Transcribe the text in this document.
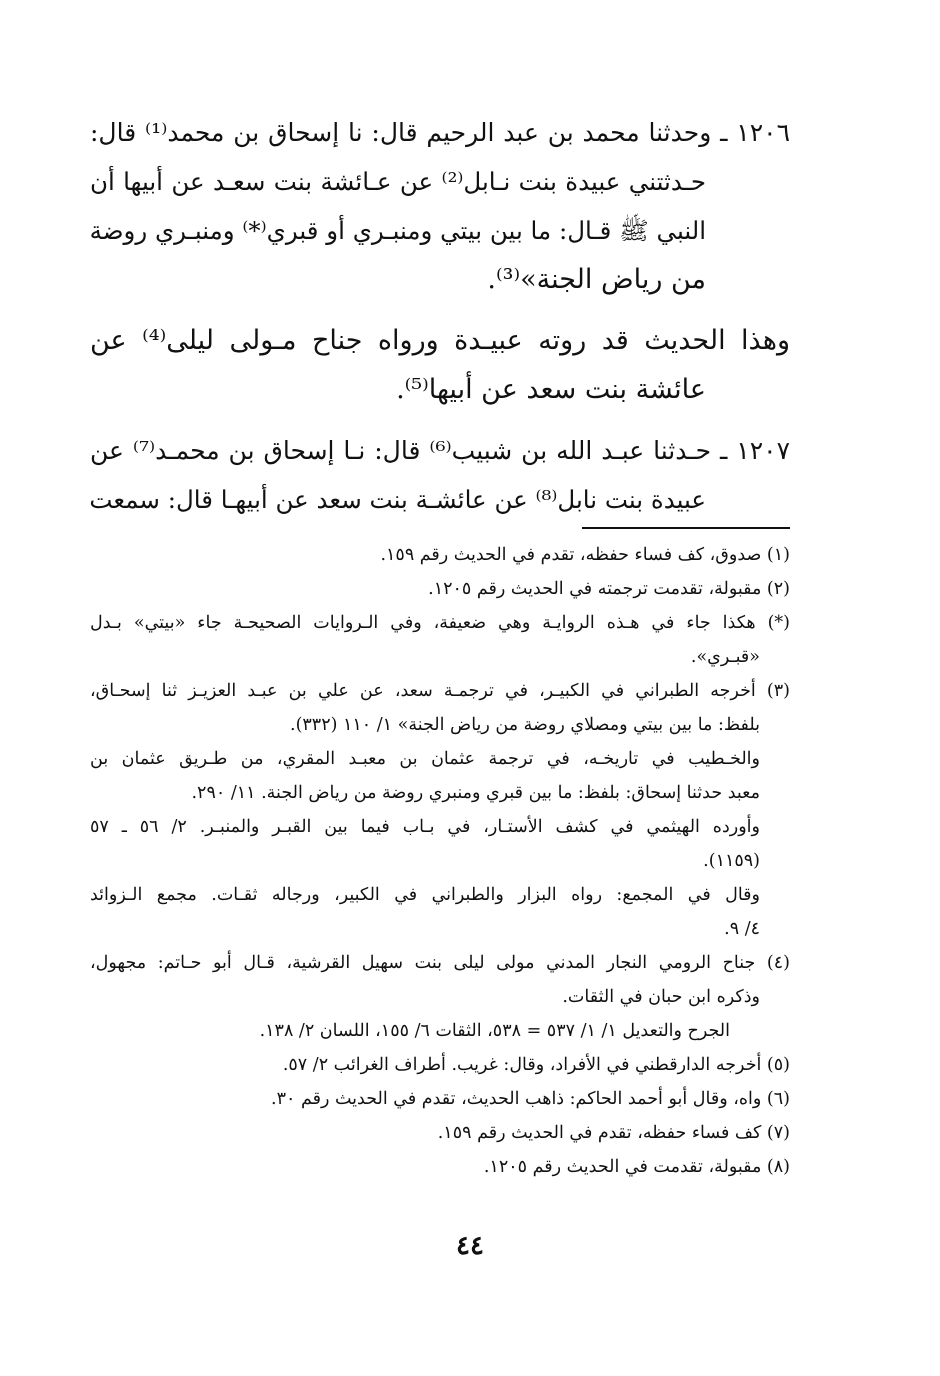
١٢٠٦ ـ وحدثنا محمد بن عبد الرحيم قال: نا إسحاق بن محمد⁽¹⁾ قال:
حـدثتني عبيدة بنت نـابل⁽²⁾ عن عـائشة بنت سعـد عن أبيها أن
النبي ﷺ قـال: ما بين بيتي ومنبـري أو قبري⁽*⁾ ومنبـري روضة
من رياض الجنة»⁽³⁾.
وهذا الحديث قد روته عبيـدة ورواه جناح مـولى ليلى⁽⁴⁾ عن
عائشة بنت سعد عن أبيها⁽⁵⁾.
١٢٠٧ ـ حـدثنا عبـد الله بن شبيب⁽⁶⁾ قال: نـا إسحاق بن محمـد⁽⁷⁾ عن
عبيدة بنت نابل⁽⁸⁾ عن عائشـة بنت سعد عن أبيهـا قال: سمعت
(١) صدوق، كف فساء حفظه، تقدم في الحديث رقم ١٥٩.
(٢) مقبولة، تقدمت ترجمته في الحديث رقم ١٢٠٥.
(*) هكذا جاء في هـذه الروايـة وهي ضعيفة، وفي الـروايات الصحيحـة جاء «بيتي» بـدل
«قبـري».
(٣) أخرجه الطبراني في الكبيـر، في ترجمـة سعد، عن علي بن عبـد العزيـز ثنا إسحـاق،
بلفظ: ما بين بيتي ومصلاي روضة من رياض الجنة» ١/ ١١٠ (٣٣٢).
والخـطيب في تاريخـه، في ترجمة عثمان بن معبـد المقري، من طـريق عثمان بن
معبد حدثنا إسحاق: بلفظ: ما بين قبري ومنبري روضة من رياض الجنة. ١١/ ٢٩٠.
وأورده الهيثمي في كشف الأستـار، في بـاب فيما بين القبـر والمنبـر. ٢/ ٥٦ ـ ٥٧
(١١٥٩).
وقال في المجمع: رواه البزار والطبراني في الكبير، ورجاله ثقـات. مجمع الـزوائد
٤/ ٩.
(٤) جناح الرومي النجار المدني مولى ليلى بنت سهيل القرشية، قـال أبو حـاتم: مجهول،
وذكره ابن حبان في الثقات.
الجرح والتعديل ١/ ١/ ٥٣٧ = ٥٣٨، الثقات ٦/ ١٥٥، اللسان ٢/ ١٣٨.
(٥) أخرجه الدارقطني في الأفراد، وقال: غريب. أطراف الغرائب ٢/ ٥٧.
(٦) واه، وقال أبو أحمد الحاكم: ذاهب الحديث، تقدم في الحديث رقم ٣٠.
(٧) كف فساء حفظه، تقدم في الحديث رقم ١٥٩.
(٨) مقبولة، تقدمت في الحديث رقم ١٢٠٥.
٤٤
